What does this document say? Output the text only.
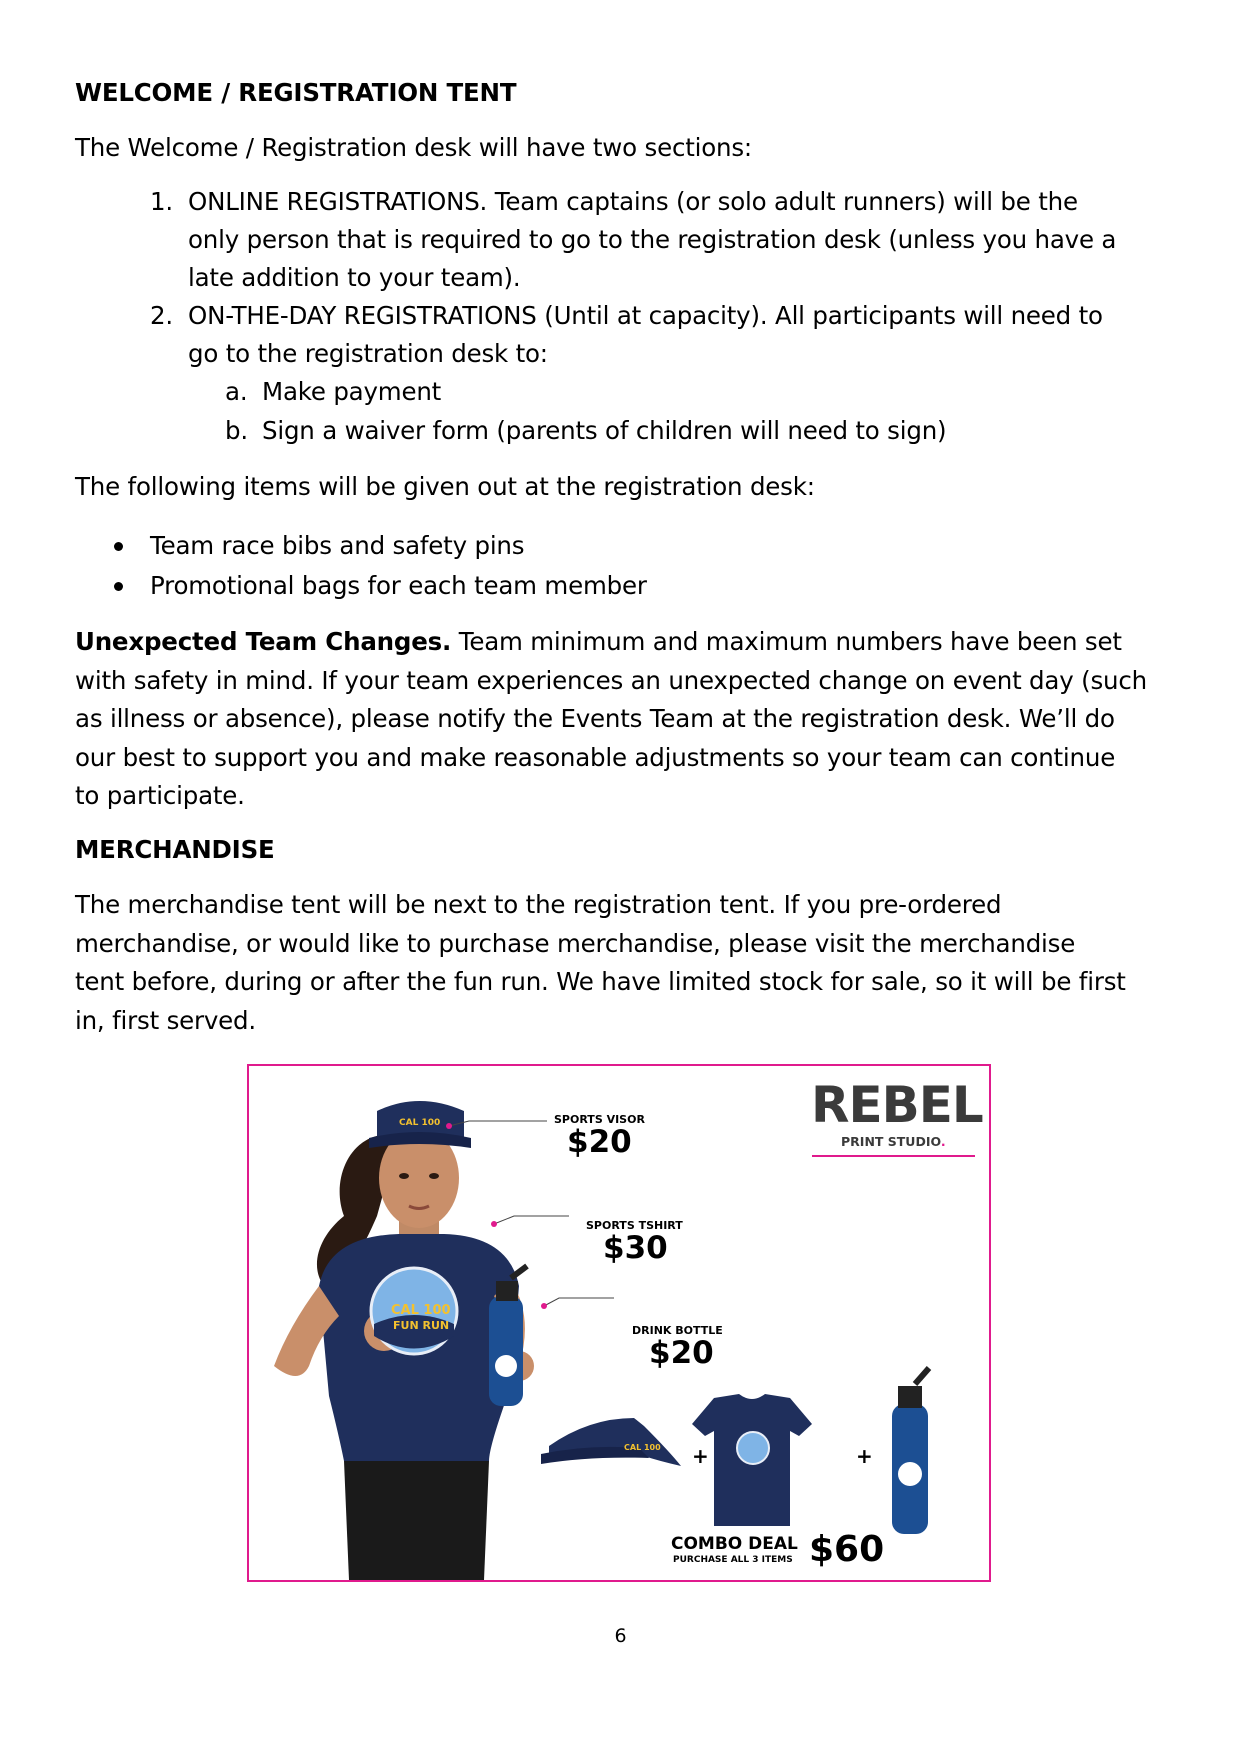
WELCOME / REGISTRATION TENT
The Welcome / Registration desk will have two sections:
1. ONLINE REGISTRATIONS. Team captains (or solo adult runners) will be the
only person that is required to go to the registration desk (unless you have a
late addition to your team).
2. ON-THE-DAY REGISTRATIONS (Until at capacity). All participants will need to
go to the registration desk to:
a. Make payment
b. Sign a waiver form (parents of children will need to sign)
The following items will be given out at the registration desk:
Team race bibs and safety pins
Promotional bags for each team member
Unexpected Team Changes. Team minimum and maximum numbers have been set
with safety in mind. If your team experiences an unexpected change on event day (such
as illness or absence), please notify the Events Team at the registration desk. We’ll do
our best to support you and make reasonable adjustments so your team can continue
to participate.
MERCHANDISE
The merchandise tent will be next to the registration tent. If you pre-ordered
merchandise, or would like to purchase merchandise, please visit the merchandise
tent before, during or after the fun run. We have limited stock for sale, so it will be first
in, first served.
CAL 100
CAL 100
FUN RUN
CAL 100
REBEL
PRINT STUDIO.
SPORTS VISOR
$20
SPORTS TSHIRT
$30
DRINK BOTTLE
$20
+	+
COMBO DEAL
PURCHASE ALL 3 ITEMS $60
6
